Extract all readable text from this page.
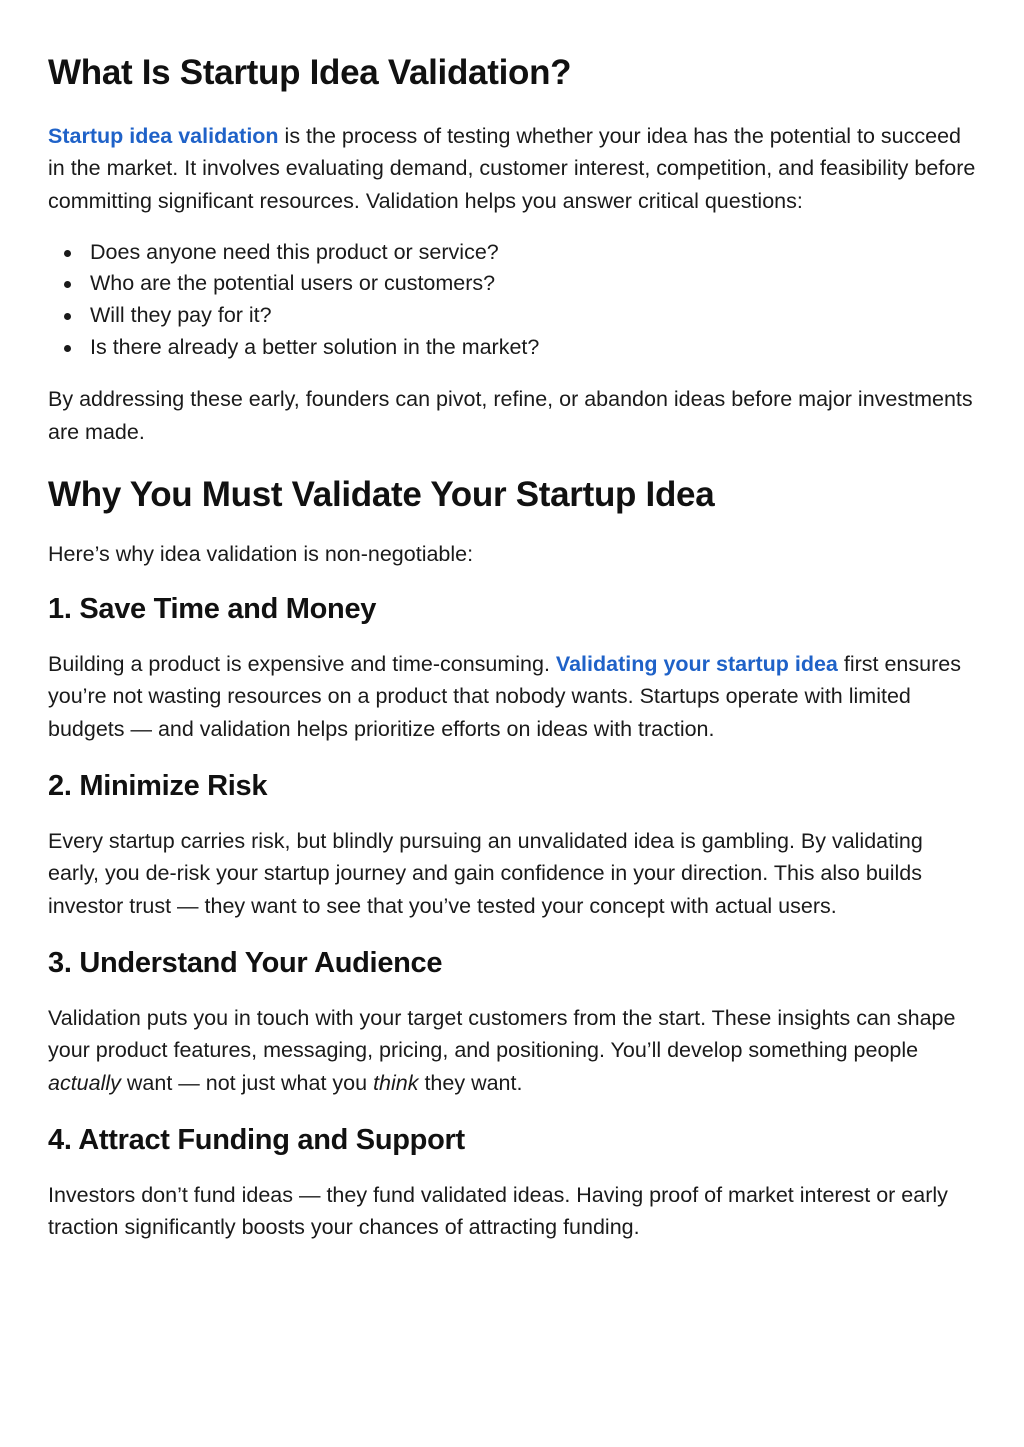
What Is Startup Idea Validation?

Startup idea validation is the process of testing whether your idea has the potential to succeed in the market. It involves evaluating demand, customer interest, competition, and feasibility before committing significant resources. Validation helps you answer critical questions:

Does anyone need this product or service?
Who are the potential users or customers?
Will they pay for it?
Is there already a better solution in the market?

By addressing these early, founders can pivot, refine, or abandon ideas before major investments are made.

Why You Must Validate Your Startup Idea

Here’s why idea validation is non-negotiable:

1. Save Time and Money

Building a product is expensive and time-consuming. Validating your startup idea first ensures you’re not wasting resources on a product that nobody wants. Startups operate with limited budgets — and validation helps prioritize efforts on ideas with traction.

2. Minimize Risk

Every startup carries risk, but blindly pursuing an unvalidated idea is gambling. By validating early, you de-risk your startup journey and gain confidence in your direction. This also builds investor trust — they want to see that you’ve tested your concept with actual users.

3. Understand Your Audience

Validation puts you in touch with your target customers from the start. These insights can shape your product features, messaging, pricing, and positioning. You’ll develop something people actually want — not just what you think they want.

4. Attract Funding and Support

Investors don’t fund ideas — they fund validated ideas. Having proof of market interest or early traction significantly boosts your chances of attracting funding.
